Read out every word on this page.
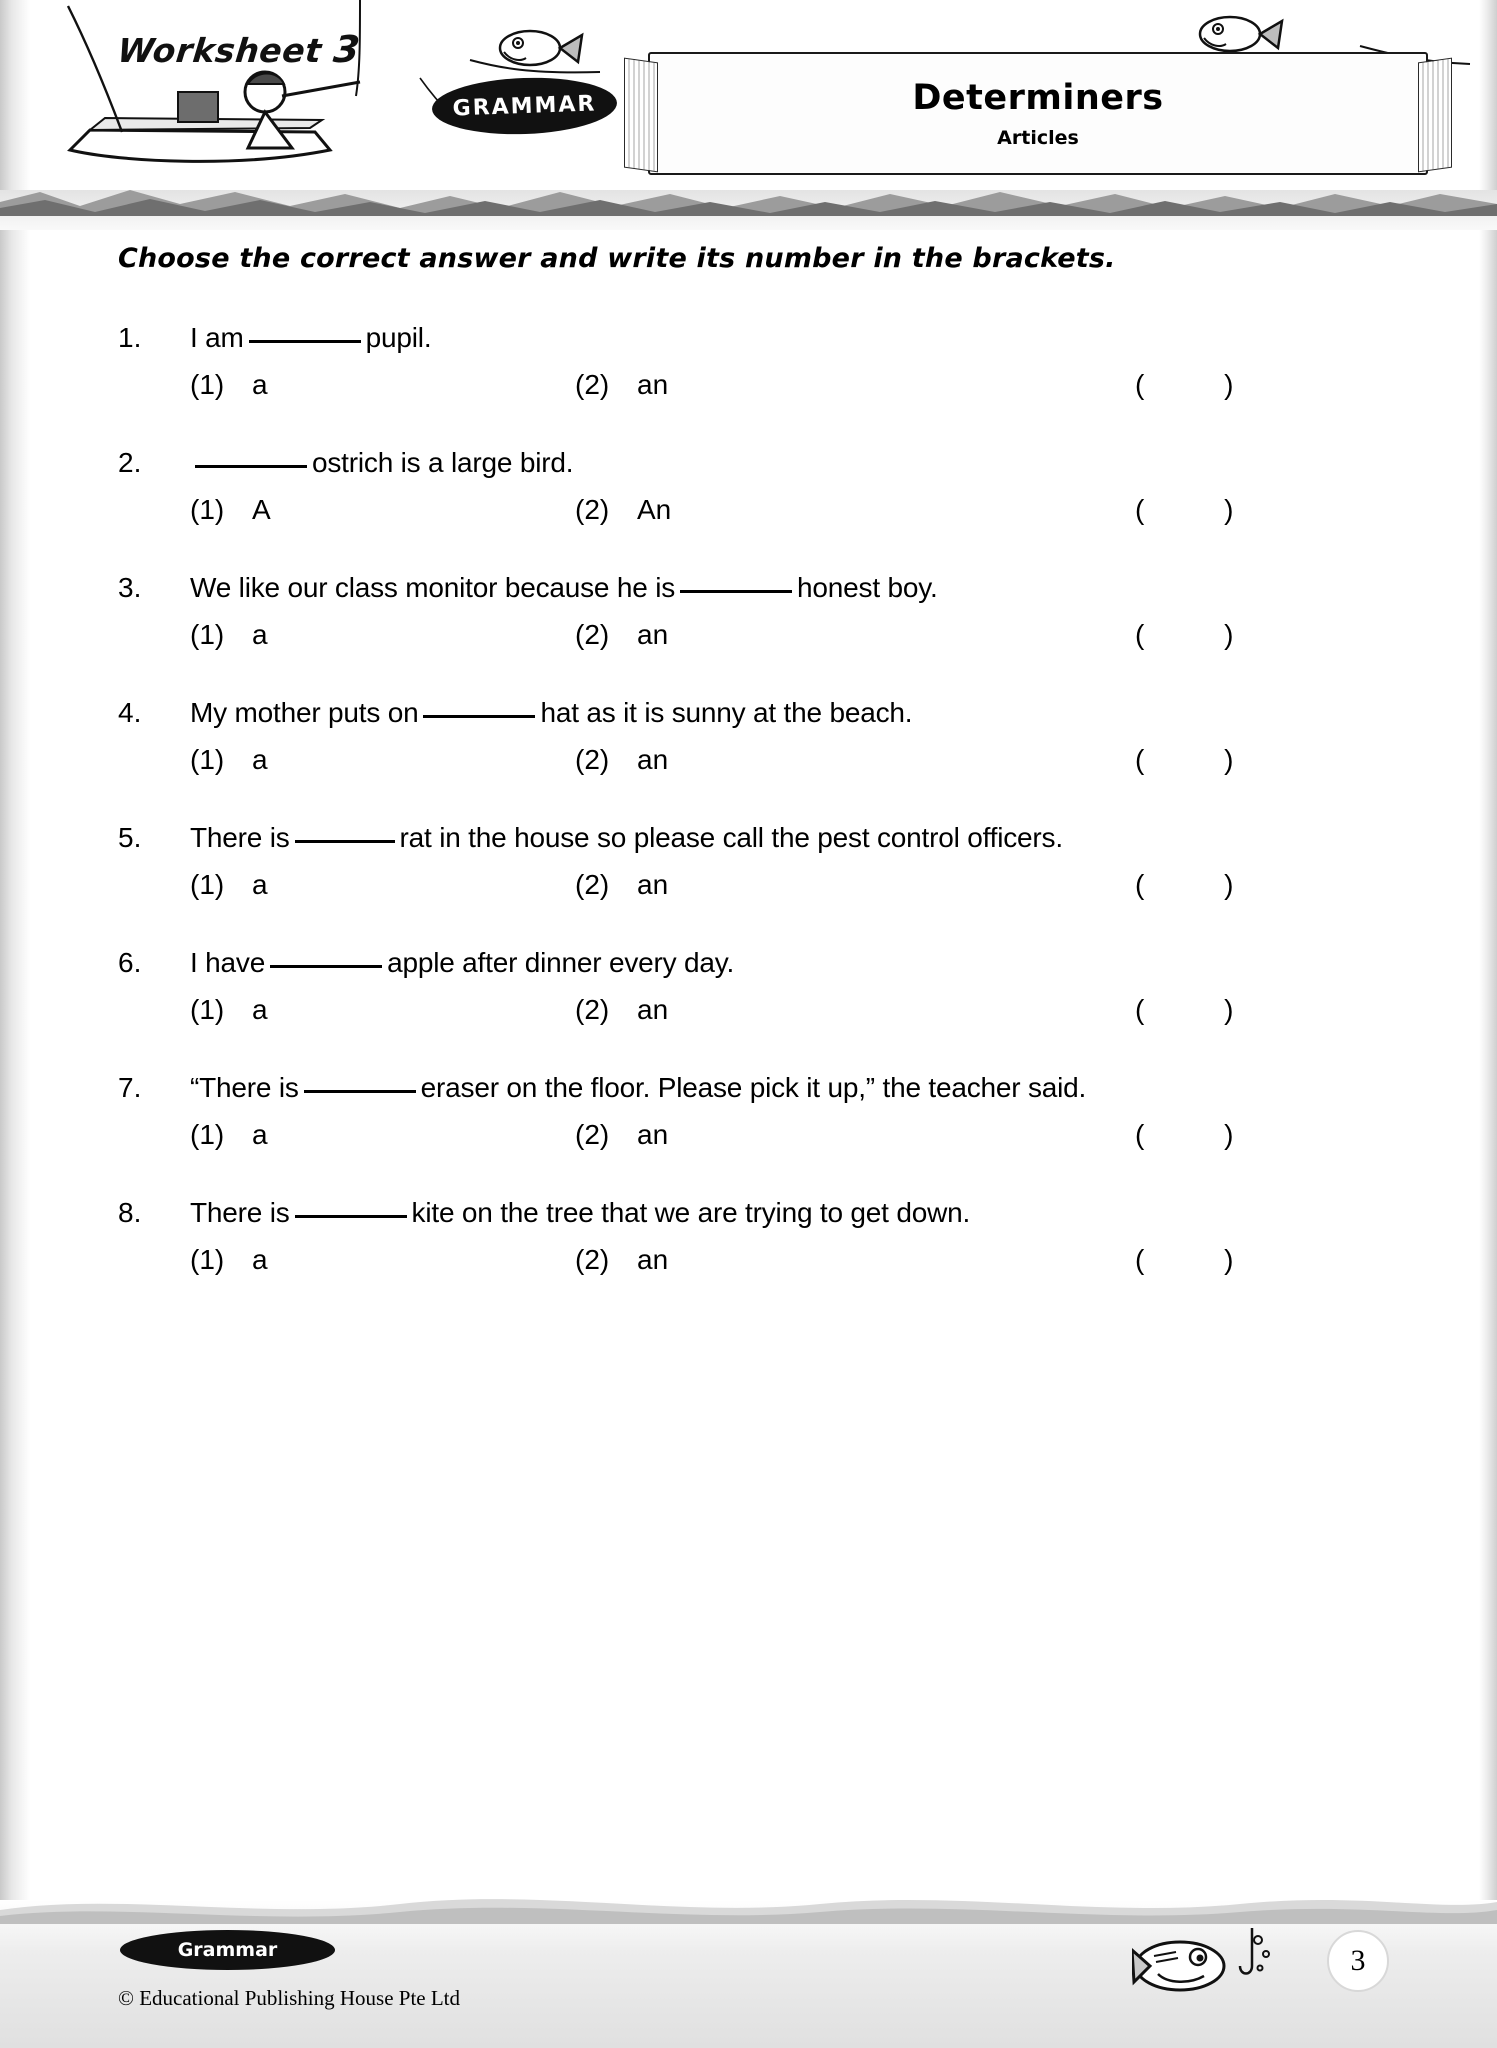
Worksheet 3
GRAMMAR	Determiners
Articles
Choose the correct answer and write its number in the brackets.
1.	I am	pupil.
(1) a	(2) an	( )
2.	ostrich is a large bird.
(1) A	(2) An	( )
3.	We like our class monitor because he is	honest boy.
(1) a	(2) an	( )
4.	My mother puts on	hat as it is sunny at the beach.
(1) a	(2) an	( )
5.	There is	rat in the house so please call the pest control officers.
(1) a	(2) an	( )
6.	I have	apple after dinner every day.
(1) a	(2) an	( )
7.	“There is	eraser on the floor. Please pick it up,” the teacher said.
(1) a	(2) an	( )
8.	There is	kite on the tree that we are trying to get down.
(1) a	(2) an	( )
Grammar
© Educational Publishing House Pte Ltd
3
